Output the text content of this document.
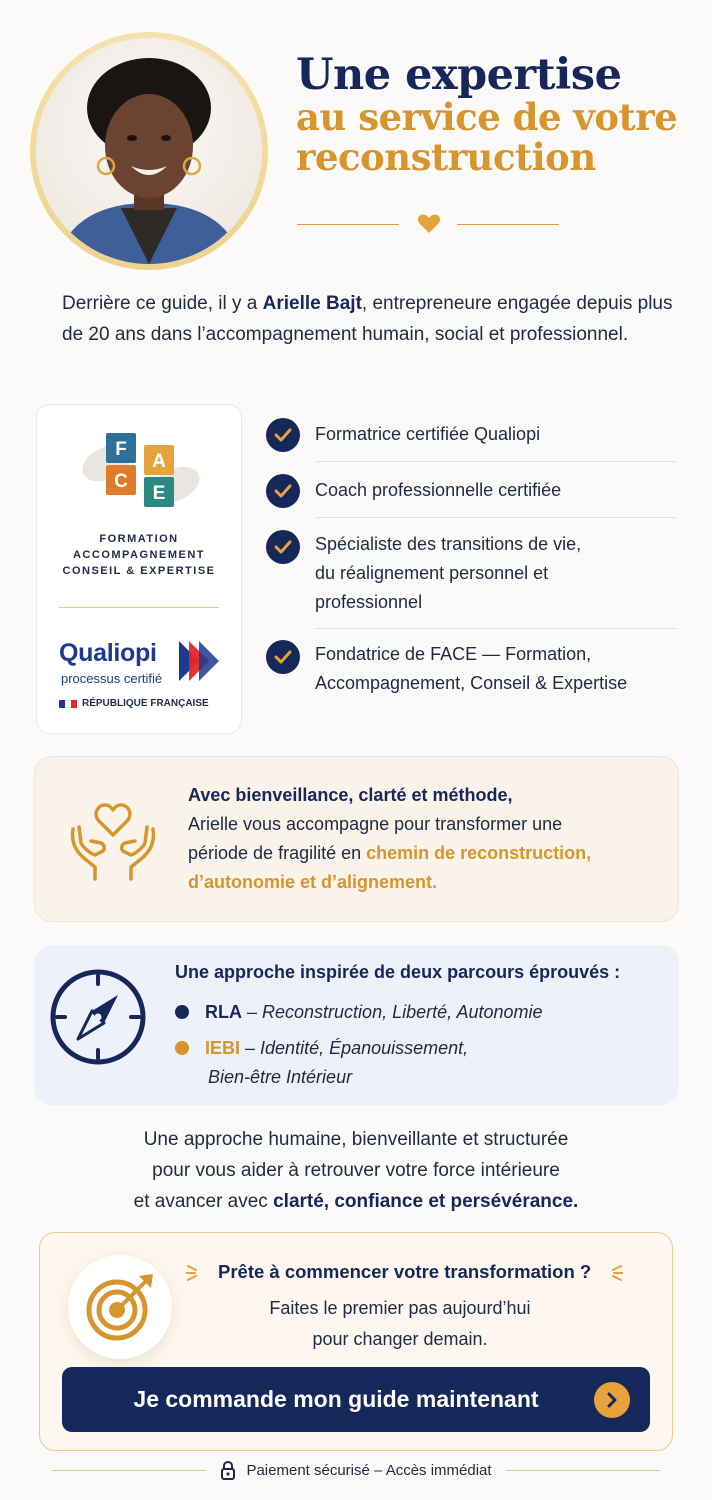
Une expertise
au service de votre
reconstruction

Derrière ce guide, il y a Arielle Bajt, entrepreneure engagée depuis plus de 20 ans dans l’accompagnement humain, social et professionnel.

F
A
C
E
FORMATION
ACCOMPAGNEMENT
CONSEIL & EXPERTISE
Qualiopi
processus certifié
RÉPUBLIQUE FRANÇAISE
Formatrice certifiée Qualiopi
Coach professionnelle certifiée
Spécialiste des transitions de vie,
du réalignement personnel et
professionnel
Fondatrice de FACE — Formation,
Accompagnement, Conseil & Expertise
Avec bienveillance, clarté et méthode,
Arielle vous accompagne pour transformer une
période de fragilité en chemin de reconstruction,
d’autonomie et d’alignement.
Une approche inspirée de deux parcours éprouvés :
RLA – Reconstruction, Liberté, Autonomie
IEBI – Identité, Épanouissement,
Bien-être Intérieur
Une approche humaine, bienveillante et structurée
pour vous aider à retrouver votre force intérieure
et avancer avec clarté, confiance et persévérance.
Prête à commencer votre transformation ?
Faites le premier pas aujourd’hui
pour changer demain.
Je commande mon guide maintenant
Paiement sécurisé – Accès immédiat
